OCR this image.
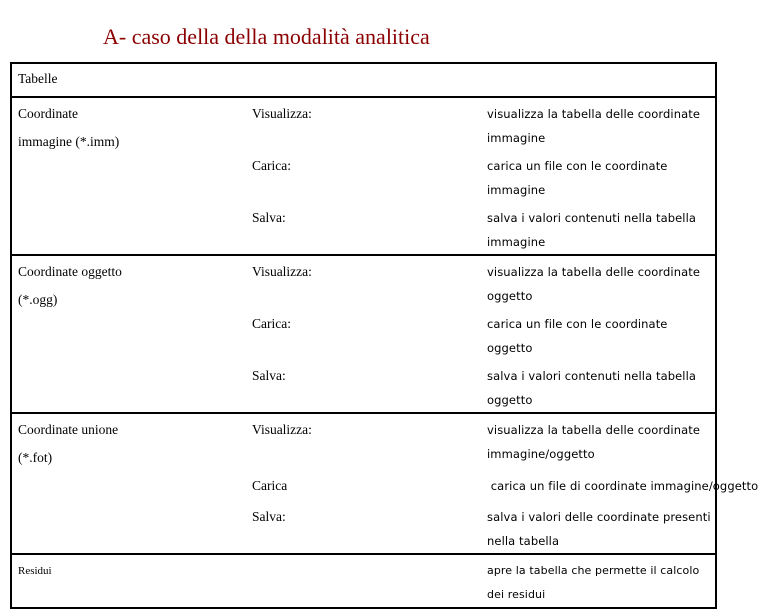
A- caso della della modalità analitica
Tabelle		

Coordinate
immagine (*.imm)	Visualizza:	visualizza la tabella delle coordinate immagine

	Carica:	carica un file con le coordinate immagine

	Salva:	salva i valori contenuti nella tabella immagine

Coordinate oggetto
(*.ogg)	Visualizza:	visualizza la tabella delle coordinate oggetto

	Carica:	carica un file con le coordinate oggetto

	Salva:	salva i valori contenuti nella tabella oggetto

Coordinate unione
(*.fot)	Visualizza:	visualizza la tabella delle coordinate
immagine/oggetto

	Carica	carica un file di coordinate immagine/oggetto

	Salva:	salva i valori delle coordinate presenti nella tabella

Residui		apre la tabella che permette il calcolo dei residui
